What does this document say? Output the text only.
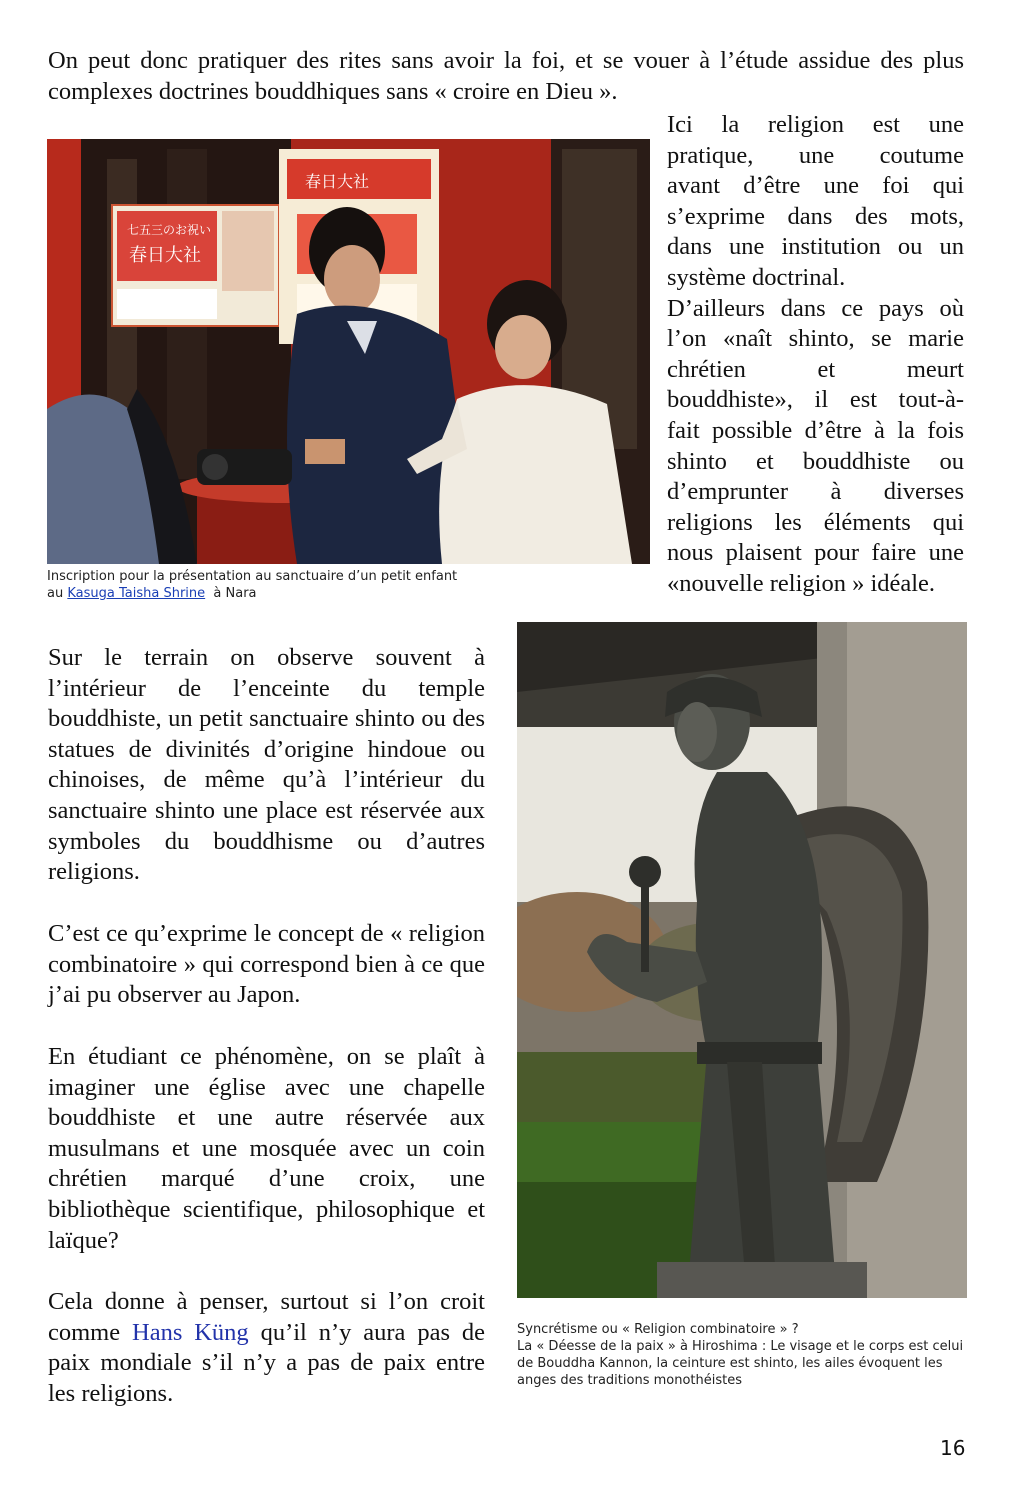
On peut donc pratiquer des rites sans avoir la foi, et se vouer à l’étude assidue des plus complexes doctrines bouddhiques sans « croire en Dieu ».

七五三のお祝い
春日大社
春日大社
Ici la religion est une
pratique, une coutume
avant d’être une foi qui
s’exprime dans des mots,
dans une institution ou un
système doctrinal.
D’ailleurs dans ce pays où
l’on «naît shinto, se marie
chrétien et meurt
bouddhiste», il est tout-à-
fait possible d’être à la fois
shinto et bouddhiste ou
d’emprunter à diverses
religions les éléments qui
nous plaisent pour faire une
«nouvelle religion » idéale.

Inscription pour la présentation au sanctuaire d’un petit enfant au Kasuga Taisha Shrine  à Nara

Sur le terrain on observe souvent à l’intérieur de l’enceinte du temple bouddhiste, un petit sanctuaire shinto ou des statues de divinités d’origine hindoue ou chinoises, de même qu’à l’intérieur du sanctuaire shinto une place est réservée aux symboles du bouddhisme ou d’autres religions.

C’est ce qu’exprime le concept de « religion combinatoire » qui correspond bien à ce que j’ai pu observer au Japon.

En étudiant ce phénomène, on se plaît à imaginer une église avec une chapelle bouddhiste et une autre réservée aux musulmans et une mosquée avec un coin chrétien marqué d’une croix, une bibliothèque scientifique, philosophique et laïque?

Cela donne à penser, surtout si l’on croit comme Hans Küng qu’il n’y aura pas de paix mondiale s’il n’y a pas de paix entre les religions.

Syncrétisme ou « Religion combinatoire » ?
La « Déesse de la paix » à Hiroshima : Le visage et le corps est celui de Bouddha Kannon, la ceinture est shinto, les ailes évoquent les anges des traditions monothéistes

16
